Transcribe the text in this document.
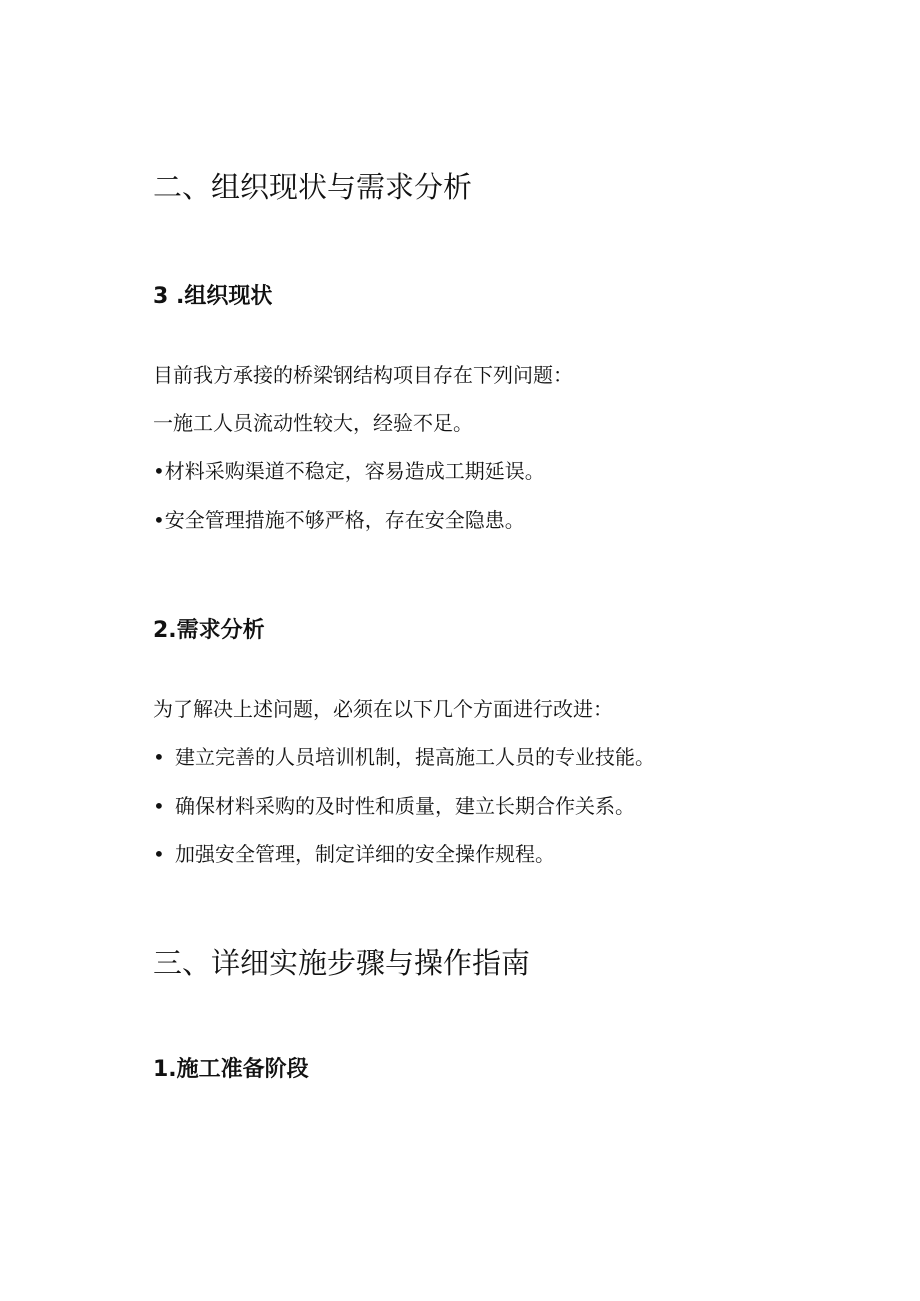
二、组织现状与需求分析
3 .组织现状

目前我方承接的桥梁钢结构项目存在下列问题：

一施工人员流动性较大，经验不足。

•材料采购渠道不稳定，容易造成工期延误。

•安全管理措施不够严格，存在安全隐患。

2.需求分析

为了解决上述问题，必须在以下几个方面进行改进：

• 建立完善的人员培训机制，提高施工人员的专业技能。
• 确保材料采购的及时性和质量，建立长期合作关系。
• 加强安全管理，制定详细的安全操作规程。
三、详细实施步骤与操作指南
1.施工准备阶段
